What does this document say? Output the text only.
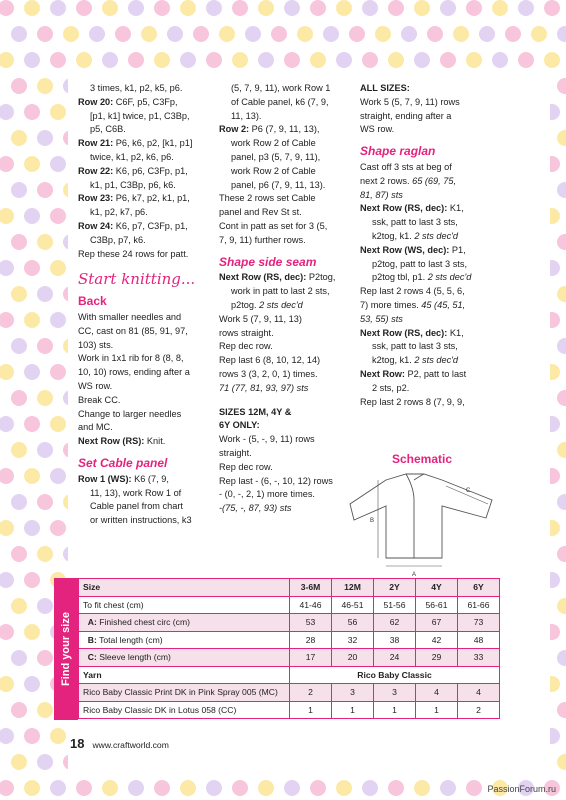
3 times, k1, p2, k5, p6.

Row 20: C6F, p5, C3Fp,

[p1, k1] twice, p1, C3Bp,

p5, C6B.

Row 21: P6, k6, p2, [k1, p1]

twice, k1, p2, k6, p6.

Row 22: K6, p6, C3Fp, p1,

k1, p1, C3Bp, p6, k6.

Row 23: P6, k7, p2, k1, p1,

k1, p2, k7, p6.

Row 24: K6, p7, C3Fp, p1,

C3Bp, p7, k6.

Rep these 24 rows for patt.

Start knitting...

Back

With smaller needles and

CC, cast on 81 (85, 91, 97,

103) sts.

Work in 1x1 rib for 8 (8, 8,

10, 10) rows, ending after a

WS row.

Break CC.

Change to larger needles

and MC.

Next Row (RS): Knit.

Set Cable panel

Row 1 (WS): K6 (7, 9,

11, 13), work Row 1 of

Cable panel from chart

or written instructions, k3

(5, 7, 9, 11), work Row 1

of Cable panel, k6 (7, 9,

11, 13).

Row 2: P6 (7, 9, 11, 13),

work Row 2 of Cable

panel, p3 (5, 7, 9, 11),

work Row 2 of Cable

panel, p6 (7, 9, 11, 13).

These 2 rows set Cable

panel and Rev St st.

Cont in patt as set for 3 (5,

7, 9, 11) further rows.

Shape side seam

Next Row (RS, dec): P2tog,

work in patt to last 2 sts,

p2tog. 2 sts dec'd

Work 5 (7, 9, 11, 13)

rows straight.

Rep dec row.

Rep last 6 (8, 10, 12, 14)

rows 3 (3, 2, 0, 1) times.

71 (77, 81, 93, 97) sts

SIZES 12M, 4Y &

6Y ONLY:

Work - (5, -, 9, 11) rows

straight.

Rep dec row.

Rep last - (6, -, 10, 12) rows

- (0, -, 2, 1) more times.

-(75, -, 87, 93) sts

ALL SIZES:

Work 5 (5, 7, 9, 11) rows

straight, ending after a

WS row.

Shape raglan

Cast off 3 sts at beg of

next 2 rows. 65 (69, 75,

81, 87) sts

Next Row (RS, dec): K1,

ssk, patt to last 3 sts,

k2tog, k1. 2 sts dec'd

Next Row (WS, dec): P1,

p2tog, patt to last 3 sts,

p2tog tbl, p1. 2 sts dec'd

Rep last 2 rows 4 (5, 5, 6,

7) more times. 45 (45, 51,

53, 55) sts

Next Row (RS, dec): K1,

ssk, patt to last 3 sts,

k2tog, k1. 2 sts dec'd

Next Row: P2, patt to last

2 sts, p2.

Rep last 2 rows 8 (7, 9, 9,

Schematic
A
B
C
Find your size
Size	3-6M	12M	2Y	4Y	6Y
To fit chest (cm)	41-46	46-51	51-56	56-61	61-66
A: Finished chest circ (cm)	53	56	62	67	73
B: Total length (cm)	28	32	38	42	48
C: Sleeve length (cm)	17	20	24	29	33
Yarn	Rico Baby Classic				
Rico Baby Classic Print DK in Pink Spray 005 (MC)	2	3	3	4	4
Rico Baby Classic DK in Lotus 058 (CC)	1	1	1	1	2
18 www.craftworld.com
PassionForum.ru
